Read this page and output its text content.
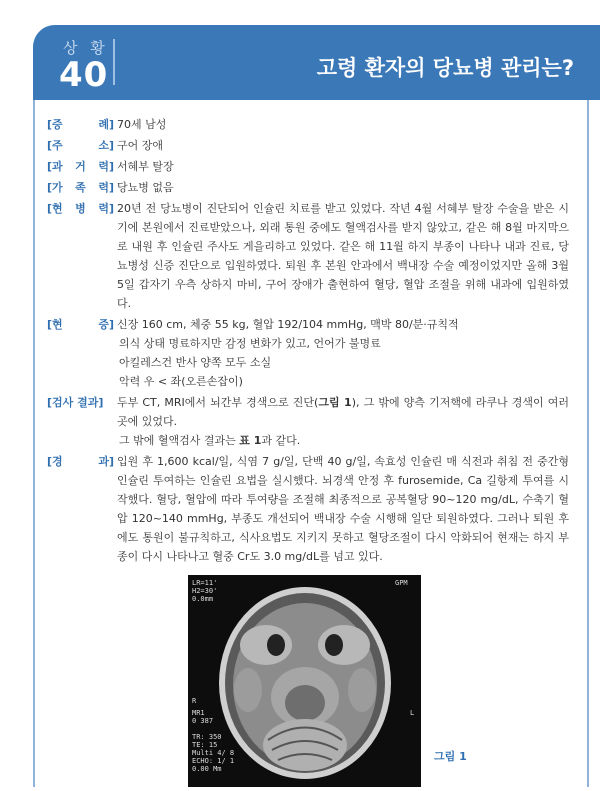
상 황
40	고령 환자의 당뇨병 관리는?
[ 증	례 ] 70세 남성
[ 주	소 ] 구어 장애
[ 과 거 력 ] 서혜부 탈장
[ 가 족 력 ] 당뇨병 없음
[ 현 병 력 ] 20년 전 당뇨병이 진단되어 인슐린 치료를 받고 있었다. 작년 4월 서혜부 탈장 수술을 받은 시기에 본원에서 진료받았으나, 외래 통원 중에도 혈액검사를 받지 않았고, 같은 해 8월 마지막으로 내원 후 인슐린 주사도 게을리하고 있었다. 같은 해 11월 하지 부종이 나타나 내과 진료, 당뇨병성 신증 진단으로 입원하였다. 퇴원 후 본원 안과에서 백내장 수술 예정이었지만 올해 3월 5일 갑자기 우측 상하지 마비, 구어 장애가 출현하여 혈당, 혈압 조절을 위해 내과에 입원하였다.

[ 현	증 ] 신장 160 cm, 체중 55 kg, 혈압 192/104 mmHg, 맥박 80/분·규칙적

의식 상태 명료하지만 감정 변화가 있고, 언어가 불명료

아킬레스건 반사 양쪽 모두 소실

악력 우 < 좌(오른손잡이)

[검사 결과]	두부 CT, MRI에서 뇌간부 경색으로 진단(그림 1), 그 밖에 양측 기저핵에 라쿠나 경색이 여러 곳에 있었다.

그 밖에 혈액검사 결과는 표 1과 같다.

[ 경	과 ] 입원 후 1,600 kcal/일, 식염 7 g/일, 단백 40 g/일, 속효성 인슐린 매 식전과 취침 전 중간형 인슐린 투여하는 인슐린 요법을 실시했다. 뇌경색 안정 후 furosemide, Ca 길항제 투여를 시작했다. 혈당, 혈압에 따라 투여량을 조절해 최종적으로 공복혈당 90~120 mg/dL, 수축기 혈압 120~140 mmHg, 부종도 개선되어 백내장 수술 시행해 일단 퇴원하였다. 그러나 퇴원 후에도 통원이 불규칙하고, 식사요법도 지키지 못하고 혈당조절이 다시 악화되어 현재는 하지 부종이 다시 나타나고 혈중 Cr도 3.0 mg/dL를 넘고 있다.

LR=11'
H2=30'
0.0mm
GPM
R
MR1
0 387
TR: 350
TE: 15
Multi 4/ 8
ECHO: 1/ 1
0.00 Mm
L
그림 1
